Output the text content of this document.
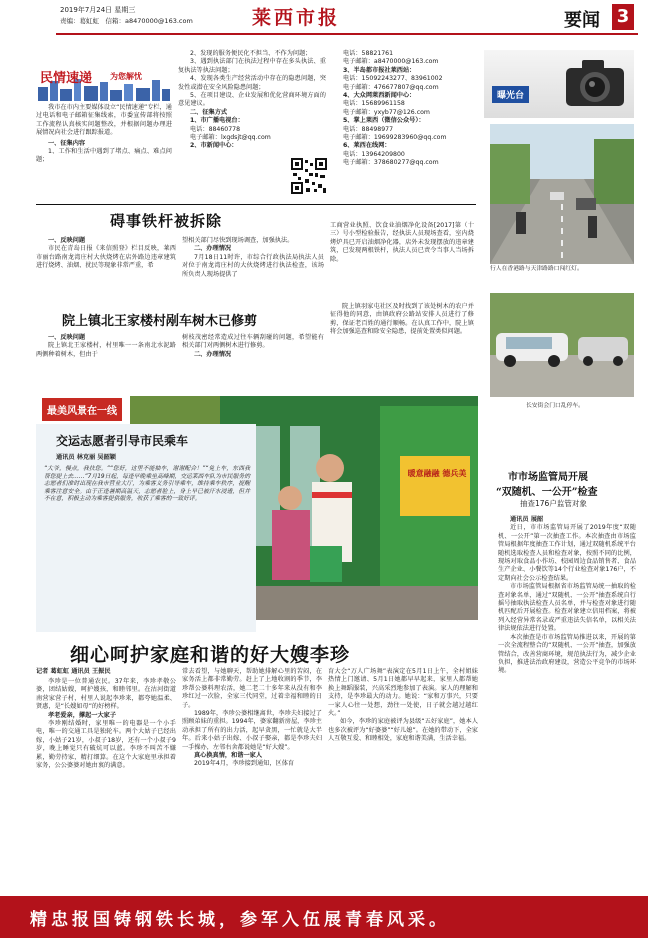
2019年7月24日 星期三
责编：葛虹虹　信箱：a8470000@163.com	莱西市报	要闻 3
民情速递 为您解忧

我市在市内主要媒体设立“民情速递”专栏，通过电话和电子邮箱征集线索，市委宣传部将按照工作流程认真核实问题整改，并根据问题办理进展情况向社会进行跟踪报道。

一、征集内容

1、工作和生活中遇到了堵点、痛点、难点问题；

2、发现的服务便民化不担当、不作为问题；

3、遇到执法部门在执法过程中存在多头执法、重复执法等执法问题；

4、发现各类生产经营活动中存在的隐患问题，突发性或潜在安全风险隐患问题；

5、在项目建设、企业发展和优化营商环境方面的意见建议。

二、征集方式
1、市广播电视台：
电话：88460778
电子邮箱：lxgdsjt@qq.com
2、市新闻中心：
电话：58821761
电子邮箱：a8470000@163.com
3、半岛都市报社莱西站：
电话：15092243277、83961002
电子邮箱：476677807@qq.com
4、大众网莱西新闻中心：
电话：15689961158
电子邮箱：yxyb77@126.com
5、掌上莱西（微信公众号）：
电话：88498977
电子邮箱：19699283960@qq.com
6、莱西在线网：
电话：13964209800
电子邮箱：378680277@qq.com
碍事铁杆被拆除
一、反映问题

市民在青岛日报《来信照登》栏目反映，莱西市丽台路南龙湾庄村大伙烧烤在店外路边违章建筑进行烧烤、油烟、扰民等现象非常严重，希

望相关部门尽快到现场调查，加强执法。

二、办理情况

7月18日11时许，市综合行政执法局执法人员对位于南龙湾庄村的大伙烧烤进行执法检查，该场所负责人现场提供了

工商营业执照、饮食业油烟净化设备[2017]第（十三）号小型检验报告，经执法人员现场查看，室内烧烤炉具已开启油烟净化器，店外未发现摆放的违章建筑，已发现两根铁杆，执法人员已责令当事人当场拆除。

院上镇北王家楼村剐车树木已修剪
一、反映问题

院上镇北王家楼村，村里唯一一条南北水泥路两侧种着树木，但由于

树枝茂密经常造成过往车辆刮碰的问题，希望能有相关部门对两侧树木进行修剪。

二、办理情况

院上镇羽家屯社区及时找到了该处树木的农户并征得他的同意，由镇政府公路站安排人员进行了修剪，保证老百姓的通行顺畅。在认真工作中，院上镇将会加强巡查和除安全隐患，提前处置类似问题。

曝光台
行人在香港路与天津路路口闯红灯。
长安街会门口乱停车。
最美风景在一线
暖意融融 德兵美
交运志愿者引导市民乘车
通讯员 林克丽 吴韶颖
“大爷，慢点，我扶您。”“您好，这里不能抽车，谢谢配合！”“免上车，东西我帮您提上去……”7月19日起，每逢早晚乘坐高峰期，交运莱西车队为市民服务的志愿者们准时出现在我市营业大厅，为乘客义务引导乘车，维持乘车秩序，提醒乘客注意安全。由于正逢暑期高温天，志愿者脸上，身上早已被汗水浸透，但并不在意，积极主动为乘客提供服务，收获了乘客的一致好评。
市市场监管局开展
“双随机、一公开”检查
抽查176户监管对象
通讯员 展韶

近日，市市场监管局开展了2019年度“双随机、一公开”第一次抽查工作。本次抽查由市场监管局根据年度抽查工作计划，通过双随机系统平台随机选取检查人员和检查对象，按照不同的比例，现场对取食品小作坊、校园周边食品销售者、食品生产企业、小餐饮等14个行业检查对象176户，不定期向社会公示检查结果。

市市场监管局根据省市场监管局统一抽取的检查对象名单，通过“双随机、一公开”抽查系统自行摇号抽取执法检查人员名单，并与检查对象进行随机匹配后开展检查。检查对象建立信用档案，将被列入经营异常名录或严重违法失信名单，以相关法律法规依法进行处置。

本次抽查是市市场监管局推进以来，开展的第一次全流程整合的“双随机、一公开”抽查，加强放管结合，改善营商环境，规范执法行为，减少企业负担，推进法治政府建设，营造公平竞争的市场环境。

细心呵护家庭和谐的好大嫂李珍
记者 葛虹虹 通讯员 王振民

李珍是一位普通农民。37年来，李珍孝敬公婆，团结姑嫂，呵护嫂孩，和睦邻里。在沽河街道南营家营子村，村里人说起李珍来，都夸她温柔、贤惠，是“长嫂如母”的好榜样。

孝老爱亲，撑起一大家子

李珍刚结婚时，家里唯一的电器是一个小手电，唯一的交通工具是独轮车。两个大姑子已经出嫁，小姑子21岁，小叔子18岁，还有一个小叔子9岁，晚上睡觉只有破炕可以蓝。李珍不叫苦不嫌累，勤劳持家，精打细算。在这个大家庭里承担着家务，公公婆婆对她由衷的满意。

常去看望，与她聊天，帮助她排解心里的苦闷，在家务活上都非常勤劳。赶上了上地收割的季节，李珍帮公婆料理农活，她二老二十多年来从没有和李珍红过一次脸，全家三代同堂，过着幸福和睦的日子。

1989年，李珍公婆相继离世，李珍夫妇接过了照顾弟妹的重担。1994年，婆家翻新房屋，李珍主动承担了所有的出力活，起早贪黑，一忙就是大半年。后来小姑子出嫁、小叔子娶亲，都是李珍夫妇一手操办，左邻右舍都说她是“好大嫂”。

真心换真情，和谐一家人

2019年4月，李珍接到通知，区体育

育大会“万人广场舞”表演定在5月1日上午，全村姐妹热情上门邀请、5月1日她都早早起来，家里人都帮她换上舞蹈服装，兴高采烈地参加了表演。家人的理解和支持，是李珍最大的动力。她说：“家和万事兴，只要一家人心往一处想，劲往一处使，日子就会越过越红火。”

如今，李珍的家庭被评为县级“五好家庭”，她本人也多次被评为“好婆婆”“好儿媳”。在她的带动下，全家人互敬互爱、和睦相处，家庭和谐美满，生活幸福。

精忠报国铸钢铁长城，参军入伍展青春风采。
